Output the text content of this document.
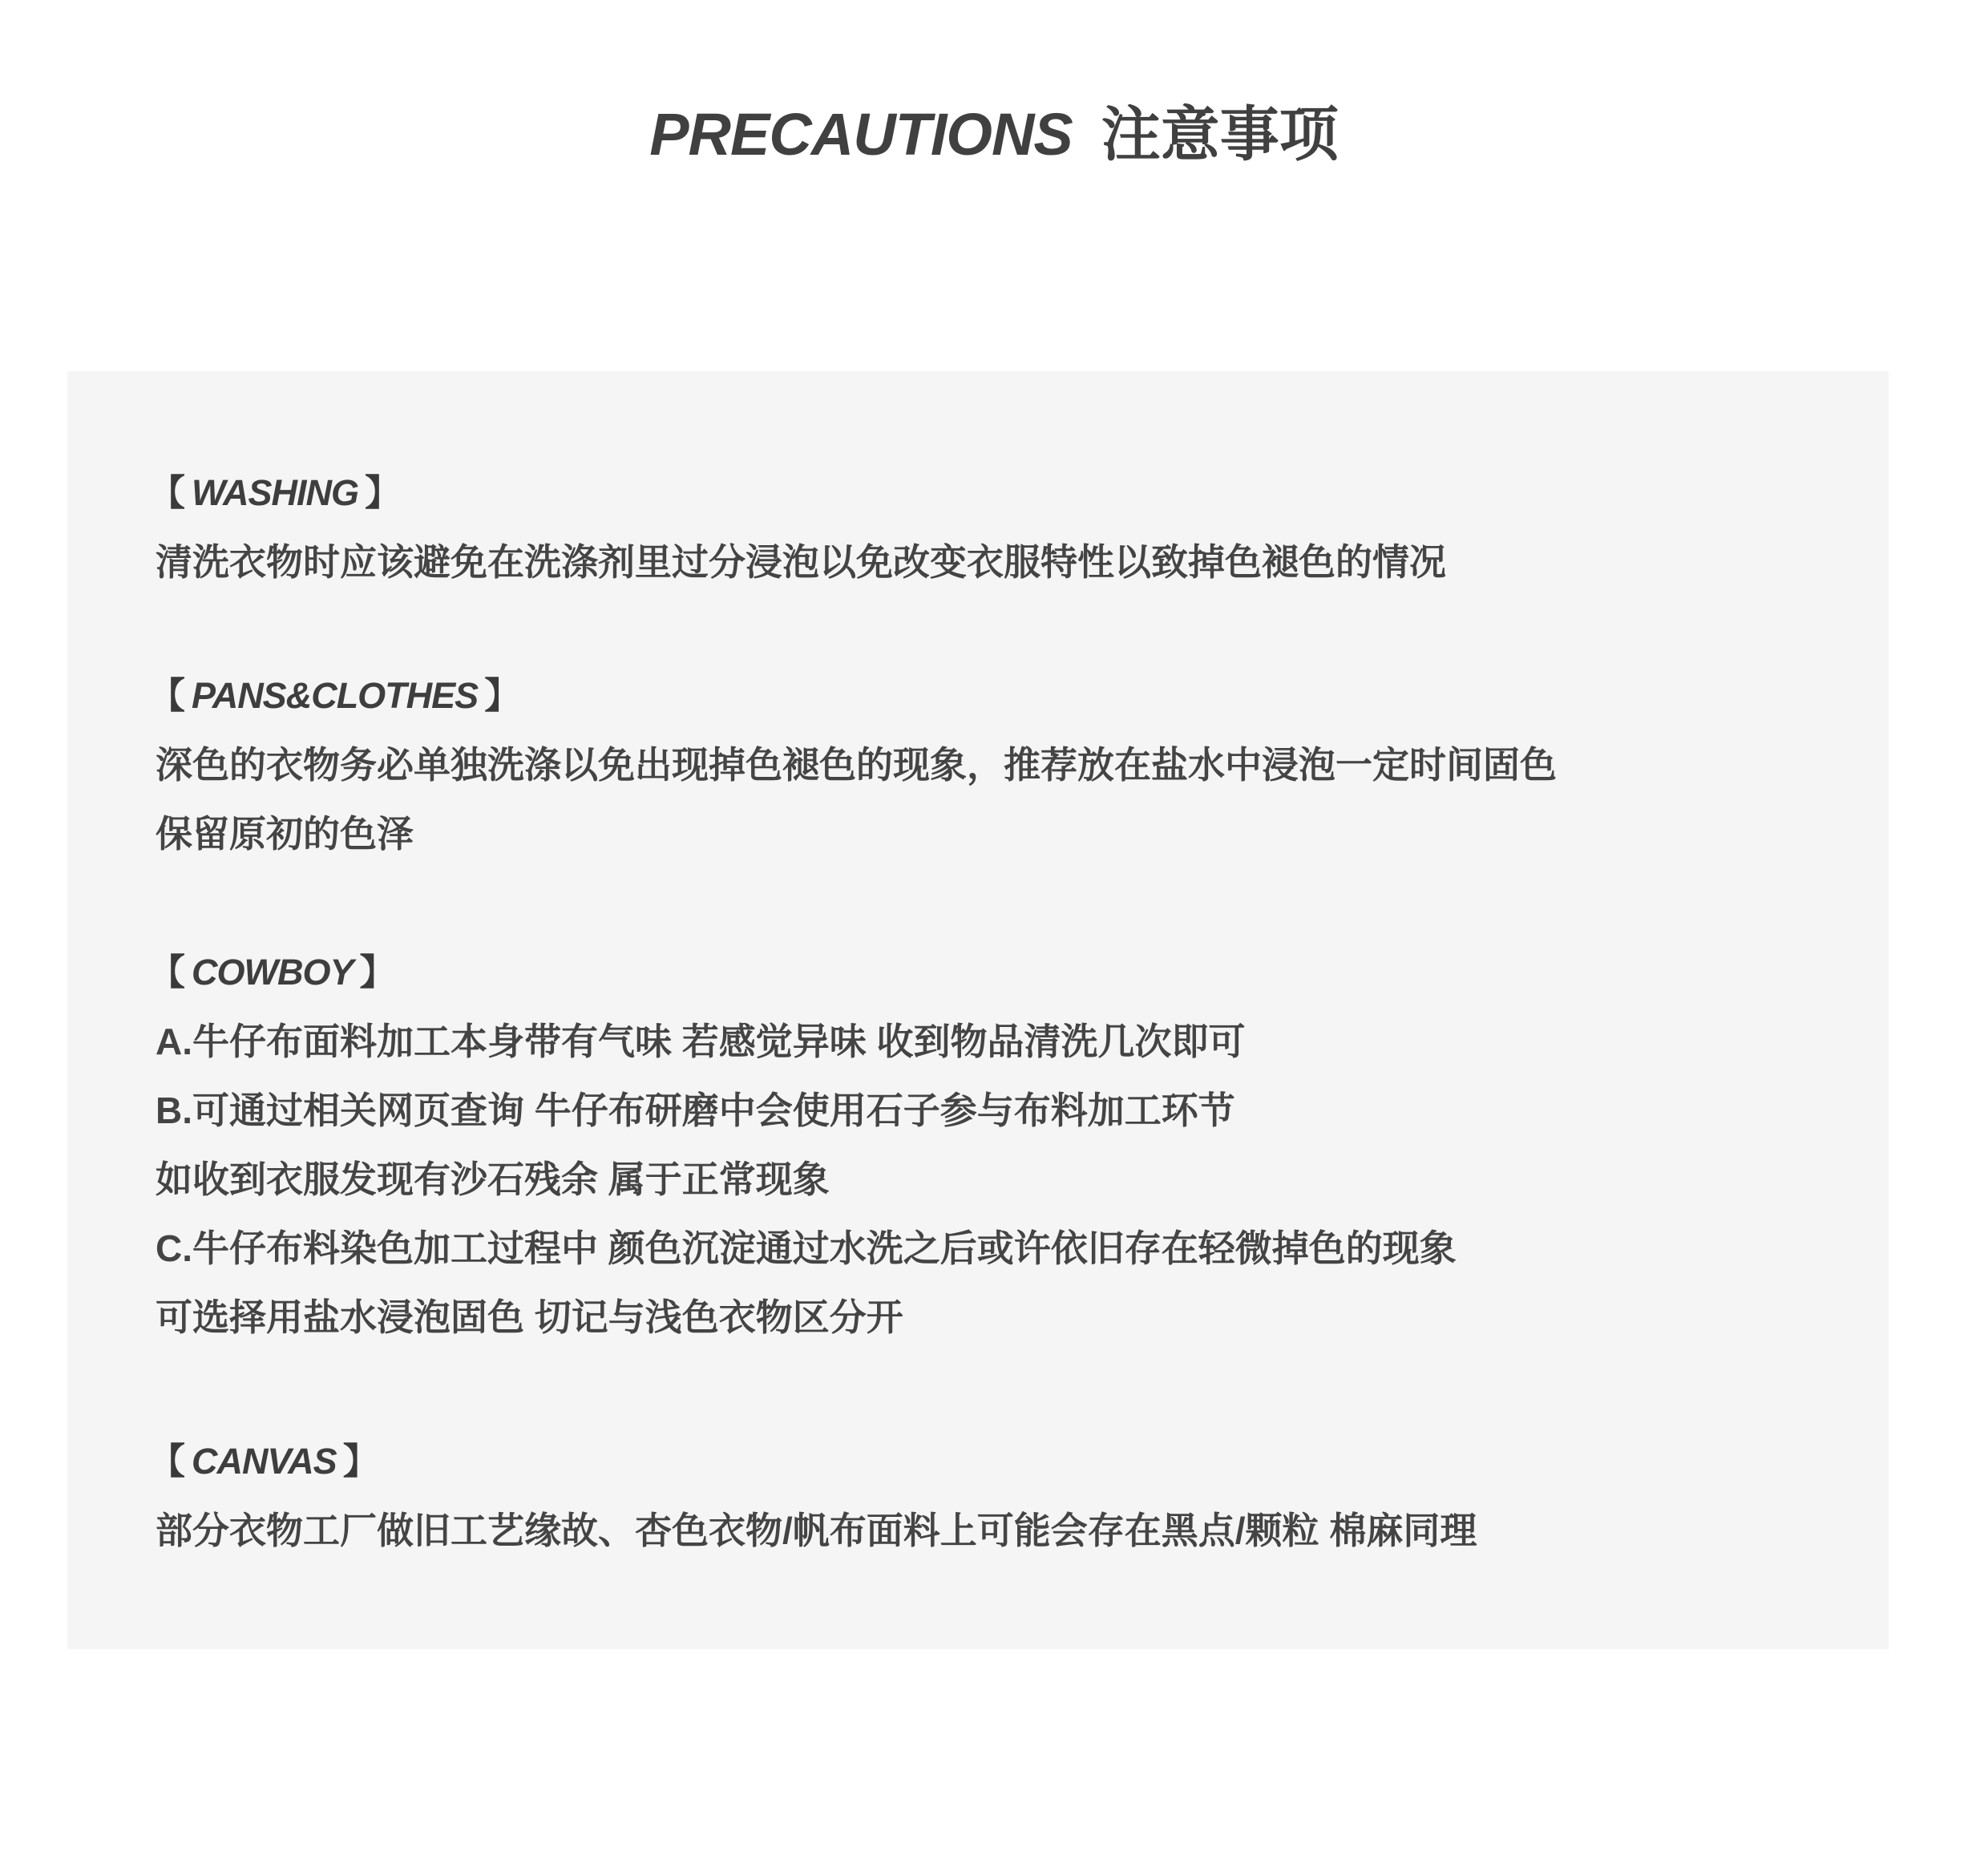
PRECAUTIONS 注意事项
【 WASHING 】
清洗衣物时应该避免在洗涤剂里过分浸泡以免改变衣服特性以致掉色褪色的情况
【 PANS&CLOTHES 】
深色的衣物务必单独洗涤以免出现掉色褪色的现象，推荐放在盐水中浸泡一定时间固色
保留原初的色泽
【 COWBOY 】
A.牛仔布面料加工本身带有气味 若感觉异味 收到物品清洗几次即可
B.可通过相关网页查询 牛仔布研磨中会使用石子参与布料加工环节
如收到衣服发现有沙石残余 属于正常现象
C.牛仔布料染色加工过程中 颜色沉淀通过水洗之后或许依旧存在轻微掉色的现象
可选择用盐水浸泡固色 切记与浅色衣物区分开
【 CANVAS 】
部分衣物工厂做旧工艺缘故、杏色衣物/帆布面料上可能会存在黑点/颗粒 棉麻同理
